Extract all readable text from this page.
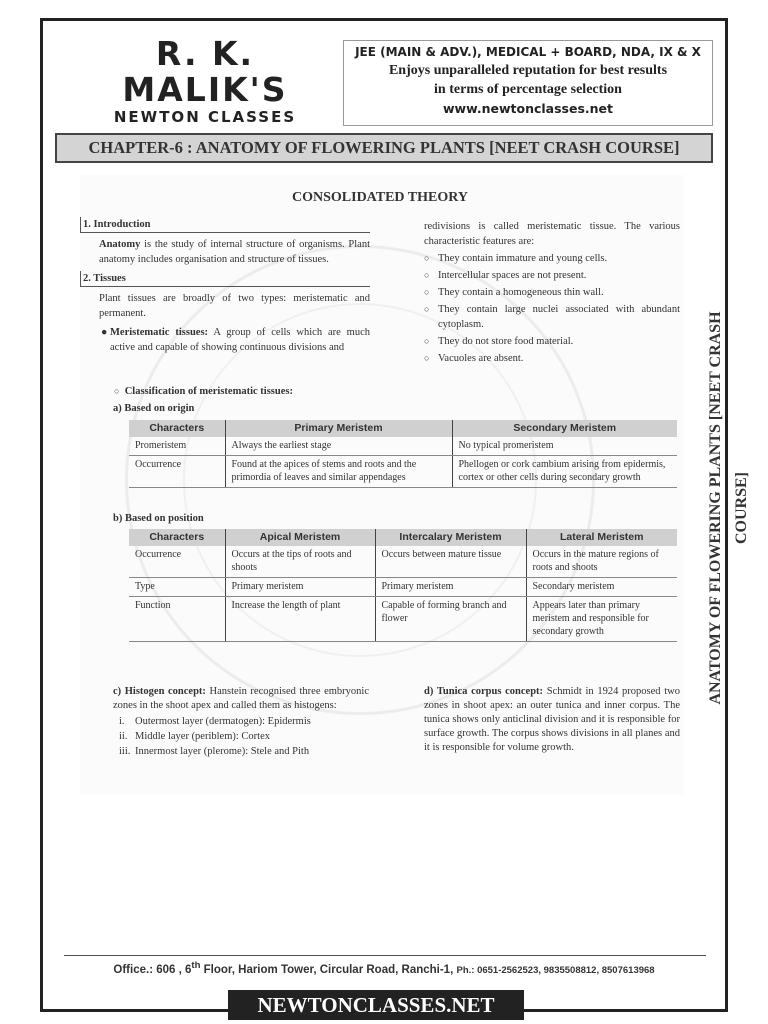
R. K. MALIK'S
NEWTON CLASSES
JEE (MAIN & ADV.), MEDICAL + BOARD, NDA, IX & X
Enjoys unparalleled reputation for best results
in terms of percentage selection
www.newtonclasses.net
CHAPTER-6 : ANATOMY OF FLOWERING PLANTS [NEET CRASH COURSE]
ANATOMY OF FLOWERING PLANTS [NEET CRASH COURSE]
CONSOLIDATED THEORY
1. Introduction
Anatomy is the study of internal structure of organisms. Plant anatomy includes organisation and structure of tissues.
2. Tissues
Plant tissues are broadly of two types: meristematic and permanent.
● Meristematic tissues: A group of cells which are much active and capable of showing continuous divisions and
redivisions is called meristematic tissue. The various characteristic features are:
○ They contain immature and young cells.
○ Intercellular spaces are not present.
○ They contain a homogeneous thin wall.
○ They contain large nuclei associated with abundant cytoplasm.
○ They do not store food material.
○ Vacuoles are absent.
○ Classification of meristematic tissues:
a) Based on origin
Characters	Primary Meristem	Secondary Meristem
Promeristem	Always the earliest stage	No typical promeristem
Occurrence	Found at the apices of stems and roots and the primordia of leaves and similar appendages	Phellogen or cork cambium arising from epidermis, cortex or other cells during secondary growth
b) Based on position
Characters	Apical Meristem	Intercalary Meristem	Lateral Meristem
Occurrence	Occurs at the tips of roots and shoots	Occurs between mature tissue	Occurs in the mature regions of roots and shoots
Type	Primary meristem	Primary meristem	Secondary meristem
Function	Increase the length of plant	Capable of forming branch and flower	Appears later than primary meristem and responsible for secondary growth
c) Histogen concept: Hanstein recognised three embryonic zones in the shoot apex and called them as histogens:
i. Outermost layer (dermatogen): Epidermis
ii. Middle layer (periblem): Cortex
iii. Innermost layer (plerome): Stele and Pith
d) Tunica corpus concept: Schmidt in 1924 proposed two zones in shoot apex: an outer tunica and inner corpus. The tunica shows only anticlinal division and it is responsible for surface growth. The corpus shows divisions in all planes and it is responsible for volume growth.
Office.: 606 , 6th Floor, Hariom Tower, Circular Road, Ranchi-1, Ph.: 0651-2562523, 9835508812, 8507613968
NEWTONCLASSES.NET
